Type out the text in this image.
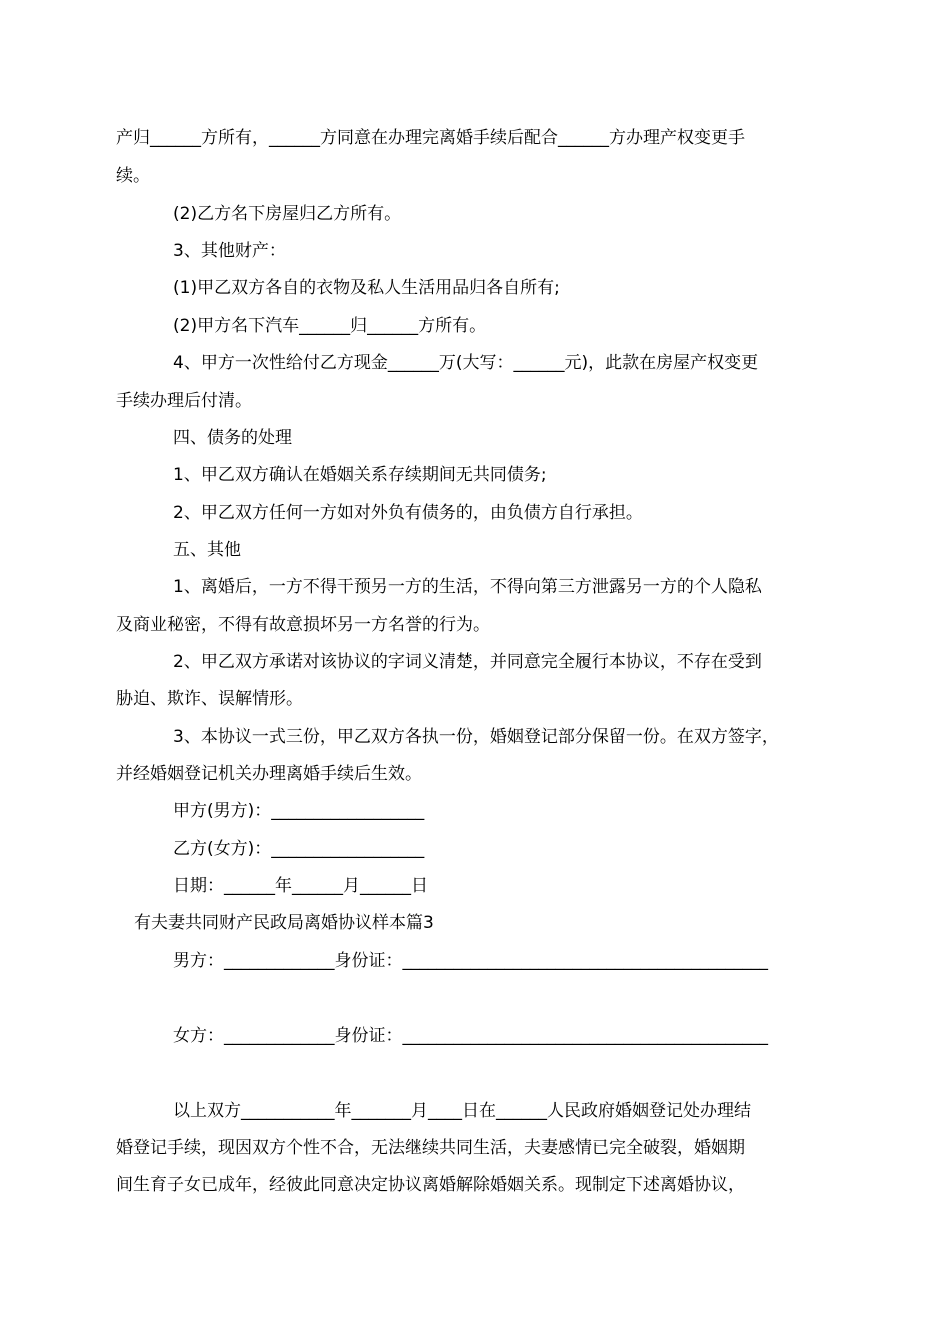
产归______方所有，______方同意在办理完离婚手续后配合______方办理产权变更手
续。
(2)乙方名下房屋归乙方所有。
3、其他财产：
(1)甲乙双方各自的衣物及私人生活用品归各自所有;
(2)甲方名下汽车______归______方所有。
4、甲方一次性给付乙方现金______万(大写：______元)，此款在房屋产权变更
手续办理后付清。
四、债务的处理
1、甲乙双方确认在婚姻关系存续期间无共同债务;
2、甲乙双方任何一方如对外负有债务的，由负债方自行承担。
五、其他
1、离婚后，一方不得干预另一方的生活，不得向第三方泄露另一方的个人隐私
及商业秘密，不得有故意损坏另一方名誉的行为。
2、甲乙双方承诺对该协议的字词义清楚，并同意完全履行本协议，不存在受到
胁迫、欺诈、误解情形。
3、本协议一式三份，甲乙双方各执一份，婚姻登记部分保留一份。在双方签字，
并经婚姻登记机关办理离婚手续后生效。
甲方(男方)：__________________
乙方(女方)：__________________
日期：______年______月______日
有夫妻共同财产民政局离婚协议样本篇3
男方：_____________身份证：___________________________________________
女方：_____________身份证：___________________________________________
以上双方___________年_______月____日在______人民政府婚姻登记处办理结
婚登记手续，现因双方个性不合，无法继续共同生活，夫妻感情已完全破裂，婚姻期
间生育子女已成年，经彼此同意决定协议离婚解除婚姻关系。现制定下述离婚协议，
